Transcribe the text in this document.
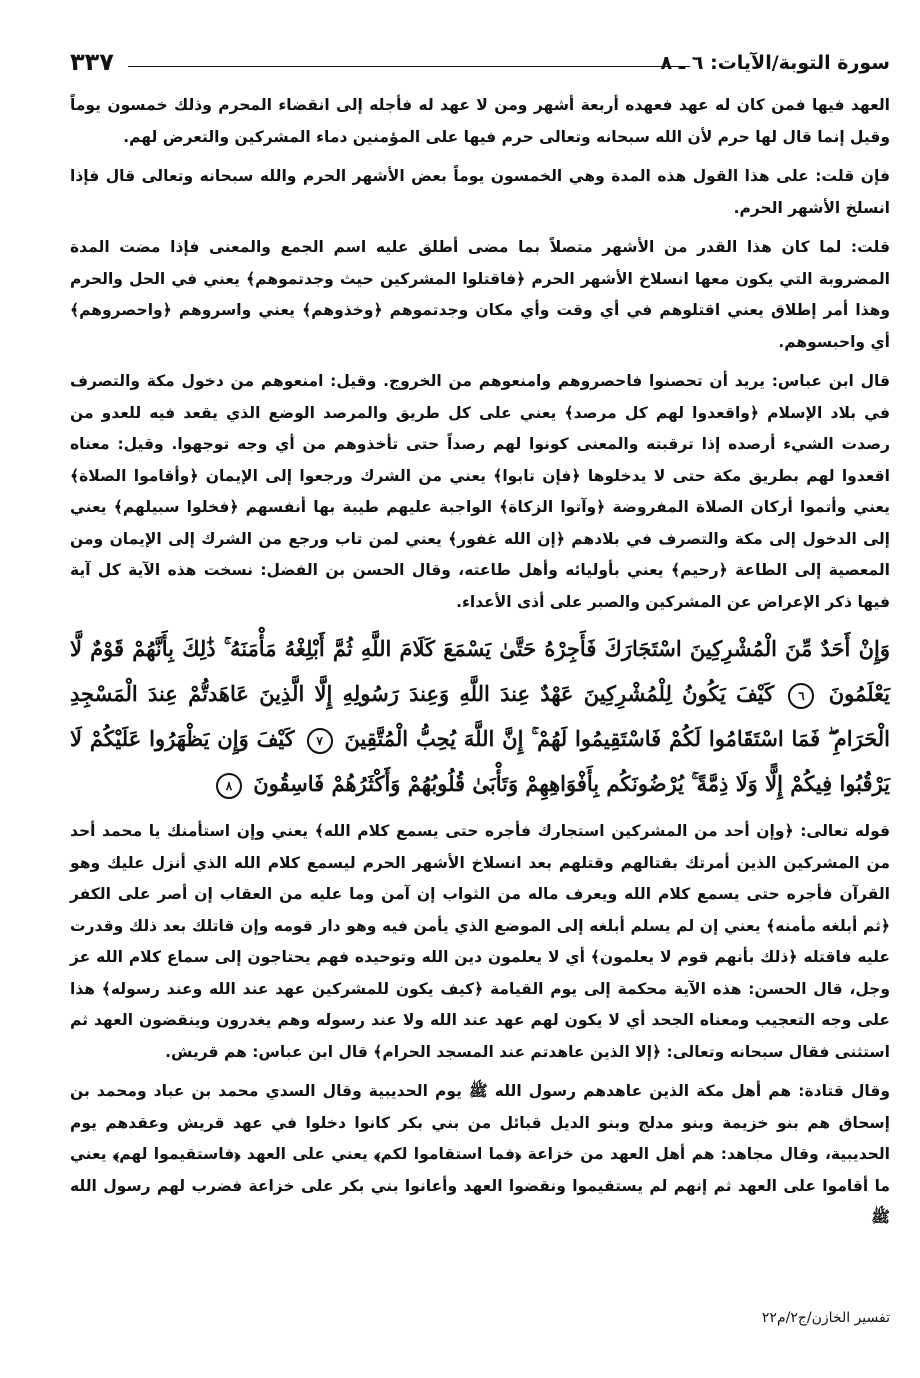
سورة التوبة/الآيات: ٦ ـ ٨
٣٣٧

العهد فيها فمن كان له عهد فعهده أربعة أشهر ومن لا عهد له فأجله إلى انقضاء المحرم وذلك خمسون يوماً وقيل إنما قال لها حرم لأن الله سبحانه وتعالى حرم فيها على المؤمنين دماء المشركين والتعرض لهم.

فإن قلت: على هذا القول هذه المدة وهي الخمسون يوماً بعض الأشهر الحرم والله سبحانه وتعالى قال فإذا انسلخ الأشهر الحرم.

قلت: لما كان هذا القدر من الأشهر متصلاً بما مضى أطلق عليه اسم الجمع والمعنى فإذا مضت المدة المضروبة التي يكون معها انسلاخ الأشهر الحرم ﴿فاقتلوا المشركين حيث وجدتموهم﴾ يعني في الحل والحرم وهذا أمر إطلاق يعني اقتلوهم في أي وقت وأي مكان وجدتموهم ﴿وخذوهم﴾ يعني واسروهم ﴿واحصروهم﴾ أي واحبسوهم.

قال ابن عباس: يريد أن تحصنوا فاحصروهم وامنعوهم من الخروج. وقيل: امنعوهم من دخول مكة والتصرف في بلاد الإسلام ﴿واقعدوا لهم كل مرصد﴾ يعني على كل طريق والمرصد الوضع الذي يقعد فيه للعدو من رصدت الشيء أرصده إذا ترقبته والمعنى كونوا لهم رصداً حتى تأخذوهم من أي وجه توجهوا. وقيل: معناه اقعدوا لهم بطريق مكة حتى لا يدخلوها ﴿فإن تابوا﴾ يعني من الشرك ورجعوا إلى الإيمان ﴿وأقاموا الصلاة﴾ يعني وأتموا أركان الصلاة المفروضة ﴿وآتوا الزكاة﴾ الواجبة عليهم طيبة بها أنفسهم ﴿فخلوا سبيلهم﴾ يعني إلى الدخول إلى مكة والتصرف في بلادهم ﴿إن الله غفور﴾ يعني لمن تاب ورجع من الشرك إلى الإيمان ومن المعصية إلى الطاعة ﴿رحيم﴾ يعني بأوليائه وأهل طاعته، وقال الحسن بن الفضل: نسخت هذه الآية كل آية فيها ذكر الإعراض عن المشركين والصبر على أذى الأعداء.

وَإِنْ أَحَدٌ مِّنَ الْمُشْرِكِينَ اسْتَجَارَكَ فَأَجِرْهُ حَتَّىٰ يَسْمَعَ كَلَامَ اللَّهِ ثُمَّ أَبْلِغْهُ مَأْمَنَهُ ۚ ذَٰلِكَ بِأَنَّهُمْ قَوْمٌ لَّا يَعْلَمُونَ ٦ كَيْفَ يَكُونُ لِلْمُشْرِكِينَ عَهْدٌ عِندَ اللَّهِ وَعِندَ رَسُولِهِ إِلَّا الَّذِينَ عَاهَدتُّمْ عِندَ الْمَسْجِدِ الْحَرَامِ ۖ فَمَا اسْتَقَامُوا لَكُمْ فَاسْتَقِيمُوا لَهُمْ ۚ إِنَّ اللَّهَ يُحِبُّ الْمُتَّقِينَ ٧ كَيْفَ وَإِن يَظْهَرُوا عَلَيْكُمْ لَا يَرْقُبُوا فِيكُمْ إِلًّا وَلَا ذِمَّةً ۚ يُرْضُونَكُم بِأَفْوَاهِهِمْ وَتَأْبَىٰ قُلُوبُهُمْ وَأَكْثَرُهُمْ فَاسِقُونَ ٨

قوله تعالى: ﴿وإن أحد من المشركين استجارك فأجره حتى يسمع كلام الله﴾ يعني وإن استأمنك يا محمد أحد من المشركين الذين أمرتك بقتالهم وقتلهم بعد انسلاخ الأشهر الحرم ليسمع كلام الله الذي أنزل عليك وهو القرآن فأجره حتى يسمع كلام الله ويعرف ماله من الثواب إن آمن وما عليه من العقاب إن أصر على الكفر ﴿ثم أبلغه مأمنه﴾ يعني إن لم يسلم أبلغه إلى الموضع الذي يأمن فيه وهو دار قومه وإن قاتلك بعد ذلك وقدرت عليه فاقتله ﴿ذلك بأنهم قوم لا يعلمون﴾ أي لا يعلمون دين الله وتوحيده فهم يحتاجون إلى سماع كلام الله عز وجل، قال الحسن: هذه الآية محكمة إلى يوم القيامة ﴿كيف يكون للمشركين عهد عند الله وعند رسوله﴾ هذا على وجه التعجيب ومعناه الجحد أي لا يكون لهم عهد عند الله ولا عند رسوله وهم يغدرون وينقضون العهد ثم استثنى فقال سبحانه وتعالى: ﴿إلا الذين عاهدتم عند المسجد الحرام﴾ قال ابن عباس: هم قريش.

وقال قتادة: هم أهل مكة الذين عاهدهم رسول الله ﷺ يوم الحديبية وقال السدي محمد بن عباد ومحمد بن إسحاق هم بنو خزيمة وبنو مدلج وبنو الديل قبائل من بني بكر كانوا دخلوا في عهد قريش وعقدهم يوم الحديبية، وقال مجاهد: هم أهل العهد من خزاعة ﴿فما استقاموا لكم﴾ يعني على العهد ﴿فاستقيموا لهم﴾ يعني ما أقاموا على العهد ثم إنهم لم يستقيموا ونقضوا العهد وأعانوا بني بكر على خزاعة فضرب لهم رسول الله ﷺ

تفسير الخازن/ج٢/م٢٢
